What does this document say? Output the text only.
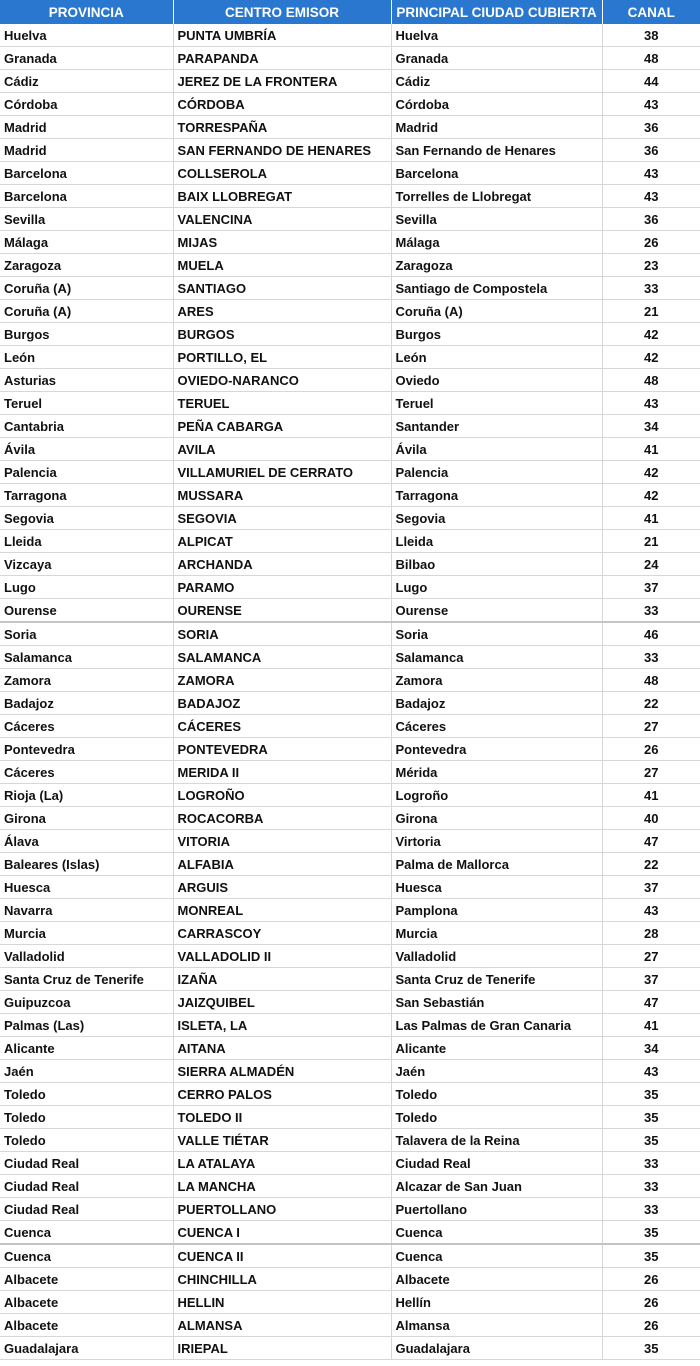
PROVINCIA	CENTRO EMISOR	PRINCIPAL CIUDAD CUBIERTA	CANAL
Huelva	PUNTA UMBRÍA	Huelva	38
Granada	PARAPANDA	Granada	48
Cádiz	JEREZ DE LA FRONTERA	Cádiz	44
Córdoba	CÓRDOBA	Córdoba	43
Madrid	TORRESPAÑA	Madrid	36
Madrid	SAN FERNANDO DE HENARES	San Fernando de Henares	36
Barcelona	COLLSEROLA	Barcelona	43
Barcelona	BAIX LLOBREGAT	Torrelles de Llobregat	43
Sevilla	VALENCINA	Sevilla	36
Málaga	MIJAS	Málaga	26
Zaragoza	MUELA	Zaragoza	23
Coruña (A)	SANTIAGO	Santiago de Compostela	33
Coruña (A)	ARES	Coruña (A)	21
Burgos	BURGOS	Burgos	42
León	PORTILLO, EL	León	42
Asturias	OVIEDO-NARANCO	Oviedo	48
Teruel	TERUEL	Teruel	43
Cantabria	PEÑA CABARGA	Santander	34
Ávila	AVILA	Ávila	41
Palencia	VILLAMURIEL DE CERRATO	Palencia	42
Tarragona	MUSSARA	Tarragona	42
Segovia	SEGOVIA	Segovia	41
Lleida	ALPICAT	Lleida	21
Vizcaya	ARCHANDA	Bilbao	24
Lugo	PARAMO	Lugo	37
Ourense	OURENSE	Ourense	33
Soria	SORIA	Soria	46
Salamanca	SALAMANCA	Salamanca	33
Zamora	ZAMORA	Zamora	48
Badajoz	BADAJOZ	Badajoz	22
Cáceres	CÁCERES	Cáceres	27
Pontevedra	PONTEVEDRA	Pontevedra	26
Cáceres	MERIDA II	Mérida	27
Rioja (La)	LOGROÑO	Logroño	41
Girona	ROCACORBA	Girona	40
Álava	VITORIA	Virtoria	47
Baleares (Islas)	ALFABIA	Palma de Mallorca	22
Huesca	ARGUIS	Huesca	37
Navarra	MONREAL	Pamplona	43
Murcia	CARRASCOY	Murcia	28
Valladolid	VALLADOLID II	Valladolid	27
Santa Cruz de Tenerife	IZAÑA	Santa Cruz de Tenerife	37
Guipuzcoa	JAIZQUIBEL	San Sebastián	47
Palmas (Las)	ISLETA, LA	Las Palmas de Gran Canaria	41
Alicante	AITANA	Alicante	34
Jaén	SIERRA ALMADÉN	Jaén	43
Toledo	CERRO PALOS	Toledo	35
Toledo	TOLEDO II	Toledo	35
Toledo	VALLE TIÉTAR	Talavera de la Reina	35
Ciudad Real	LA ATALAYA	Ciudad Real	33
Ciudad Real	LA MANCHA	Alcazar de San Juan	33
Ciudad Real	PUERTOLLANO	Puertollano	33
Cuenca	CUENCA I	Cuenca	35
Cuenca	CUENCA II	Cuenca	35
Albacete	CHINCHILLA	Albacete	26
Albacete	HELLIN	Hellín	26
Albacete	ALMANSA	Almansa	26
Guadalajara	IRIEPAL	Guadalajara	35
